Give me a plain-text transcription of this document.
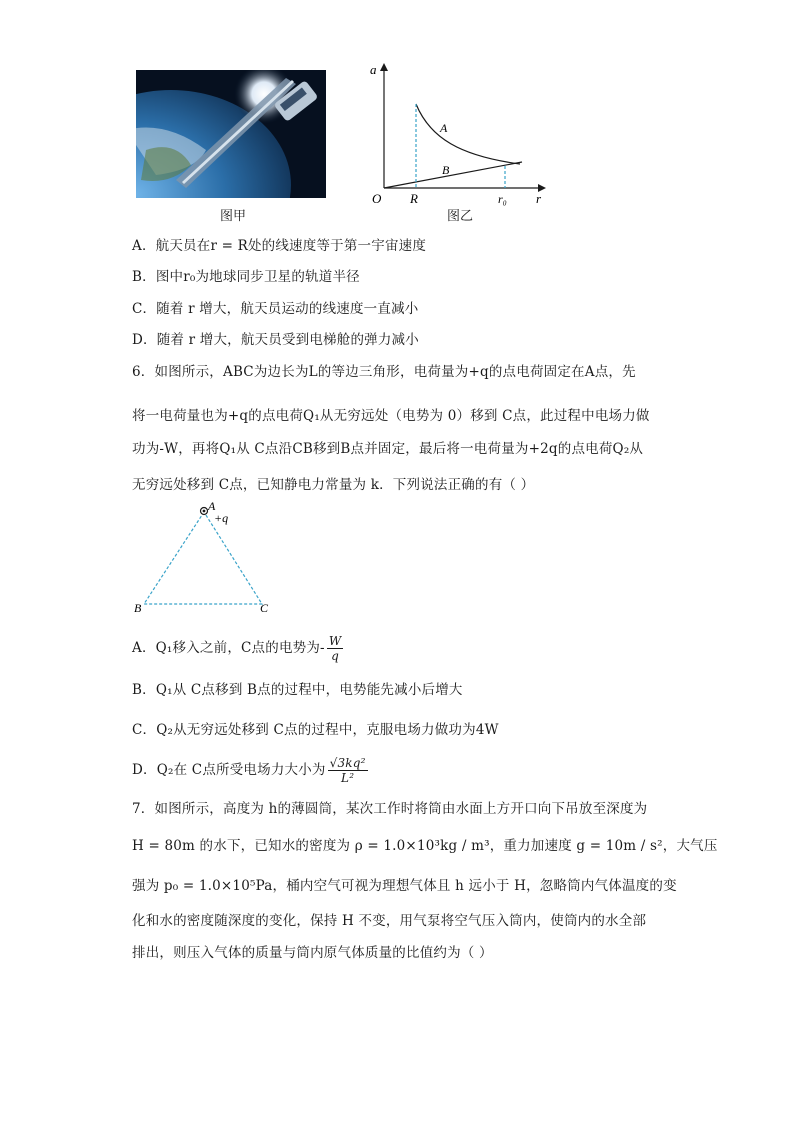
图甲
a
r
O R	r₀
A
B
图乙
A．航天员在r = R处的线速度等于第一宇宙速度
B．图中r₀为地球同步卫星的轨道半径
C．随着 r 增大，航天员运动的线速度一直减小
D．随着 r 增大，航天员受到电梯舱的弹力减小
6．如图所示，ABC为边长为L的等边三角形，电荷量为+q的点电荷固定在A点，先
将一电荷量也为+q的点电荷Q₁从无穷远处（电势为 0）移到 C点，此过程中电场力做
功为-W，再将Q₁从 C点沿CB移到B点并固定，最后将一电荷量为+2q的点电荷Q₂从
无穷远处移到 C点，已知静电力常量为 k．下列说法正确的有（ ）
A
+q
B	C
A．Q₁移入之前，C点的电势为- $\frac{W}{q}$
B．Q₁从 C点移到 B点的过程中，电势能先减小后增大
C．Q₂从无穷远处移到 C点的过程中，克服电场力做功为4W
D．Q₂在 C点所受电场力大小为 $\frac{\text{√3kq²}}{\text{L²}}$
7．如图所示，高度为 h的薄圆筒，某次工作时将筒由水面上方开口向下吊放至深度为
H = 80m 的水下，已知水的密度为 ρ = 1.0×10³kg / m³，重力加速度 g = 10m / s²，大气压
强为 p₀ = 1.0×10⁵Pa，桶内空气可视为理想气体且 h 远小于 H，忽略筒内气体温度的变
化和水的密度随深度的变化，保持 H 不变，用气泵将空气压入筒内，使筒内的水全部
排出，则压入气体的质量与筒内原气体质量的比值约为（ ）
